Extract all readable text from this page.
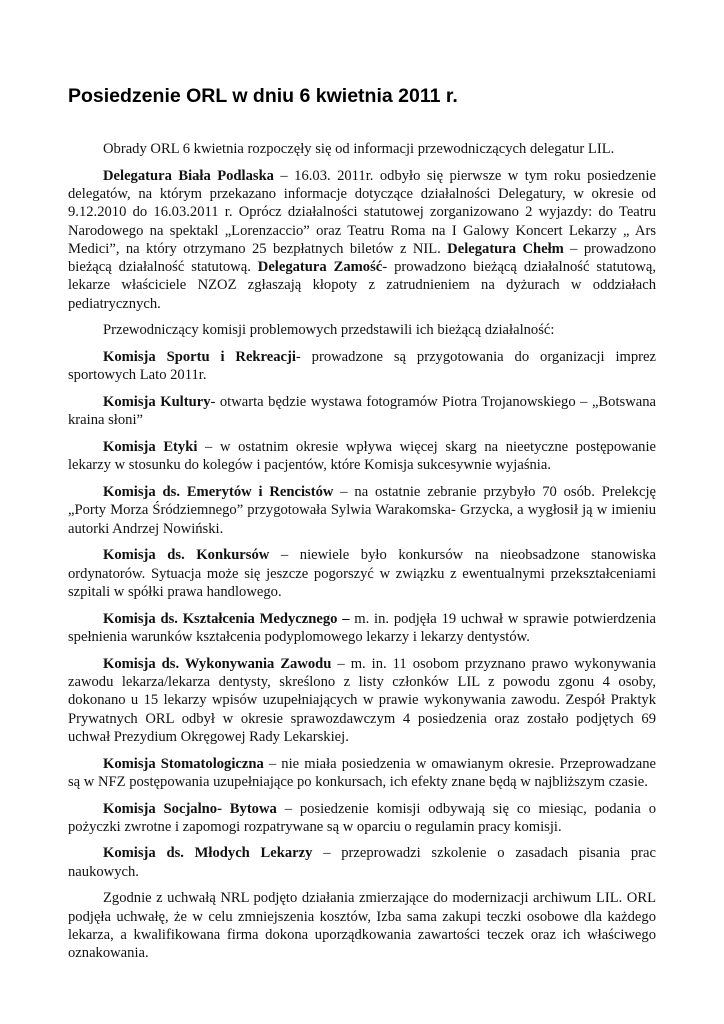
Posiedzenie ORL w dniu 6 kwietnia 2011 r.

Obrady ORL 6 kwietnia rozpoczęły się od informacji przewodniczących delegatur LIL.

Delegatura Biała Podlaska – 16.03. 2011r. odbyło się pierwsze w tym roku posiedzenie delegatów, na którym przekazano informacje dotyczące działalności Delegatury, w okresie od 9.12.2010 do 16.03.2011 r. Oprócz działalności statutowej zorganizowano 2 wyjazdy: do Teatru Narodowego na spektakl „Lorenzaccio” oraz Teatru Roma na I Galowy Koncert Lekarzy „ Ars Medici”, na który otrzymano 25 bezpłatnych biletów z NIL. Delegatura Chełm – prowadzono bieżącą działalność statutową. Delegatura Zamość- prowadzono bieżącą działalność statutową, lekarze właściciele NZOZ zgłaszają kłopoty z zatrudnieniem na dyżurach w oddziałach pediatrycznych.

Przewodniczący komisji problemowych przedstawili ich bieżącą działalność:

Komisja Sportu i Rekreacji- prowadzone są przygotowania do organizacji imprez sportowych Lato 2011r.

Komisja Kultury- otwarta będzie wystawa fotogramów Piotra Trojanowskiego – „Botswana kraina słoni”

Komisja Etyki – w ostatnim okresie wpływa więcej skarg na nieetyczne postępowanie lekarzy w stosunku do kolegów i pacjentów, które Komisja sukcesywnie wyjaśnia.

Komisja ds. Emerytów i Rencistów – na ostatnie zebranie przybyło 70 osób. Prelekcję „Porty Morza Śródziemnego” przygotowała Sylwia Warakomska- Grzycka, a wygłosił ją w imieniu autorki Andrzej Nowiński.

Komisja ds. Konkursów – niewiele było konkursów na nieobsadzone stanowiska ordynatorów. Sytuacja może się jeszcze pogorszyć w związku z ewentualnymi przekształceniami szpitali w spółki prawa handlowego.

Komisja ds. Kształcenia Medycznego – m. in. podjęła 19 uchwał w sprawie potwierdzenia spełnienia warunków kształcenia podyplomowego lekarzy i lekarzy dentystów.

Komisja ds. Wykonywania Zawodu – m. in. 11 osobom przyznano prawo wykonywania zawodu lekarza/lekarza dentysty, skreślono z listy członków LIL z powodu zgonu 4 osoby, dokonano u 15 lekarzy wpisów uzupełniających w prawie wykonywania zawodu. Zespół Praktyk Prywatnych ORL odbył w okresie sprawozdawczym 4 posiedzenia oraz zostało podjętych 69 uchwał Prezydium Okręgowej Rady Lekarskiej.

Komisja Stomatologiczna – nie miała posiedzenia w omawianym okresie. Przeprowadzane są w NFZ postępowania uzupełniające po konkursach, ich efekty znane będą w najbliższym czasie.

Komisja Socjalno- Bytowa – posiedzenie komisji odbywają się co miesiąc, podania o pożyczki zwrotne i zapomogi rozpatrywane są w oparciu o regulamin pracy komisji.

Komisja ds. Młodych Lekarzy – przeprowadzi szkolenie o zasadach pisania prac naukowych.

Zgodnie z uchwałą NRL podjęto działania zmierzające do modernizacji archiwum LIL. ORL podjęła uchwałę, że w celu zmniejszenia kosztów, Izba sama zakupi teczki osobowe dla każdego lekarza, a kwalifikowana firma dokona uporządkowania zawartości teczek oraz ich właściwego oznakowania.
